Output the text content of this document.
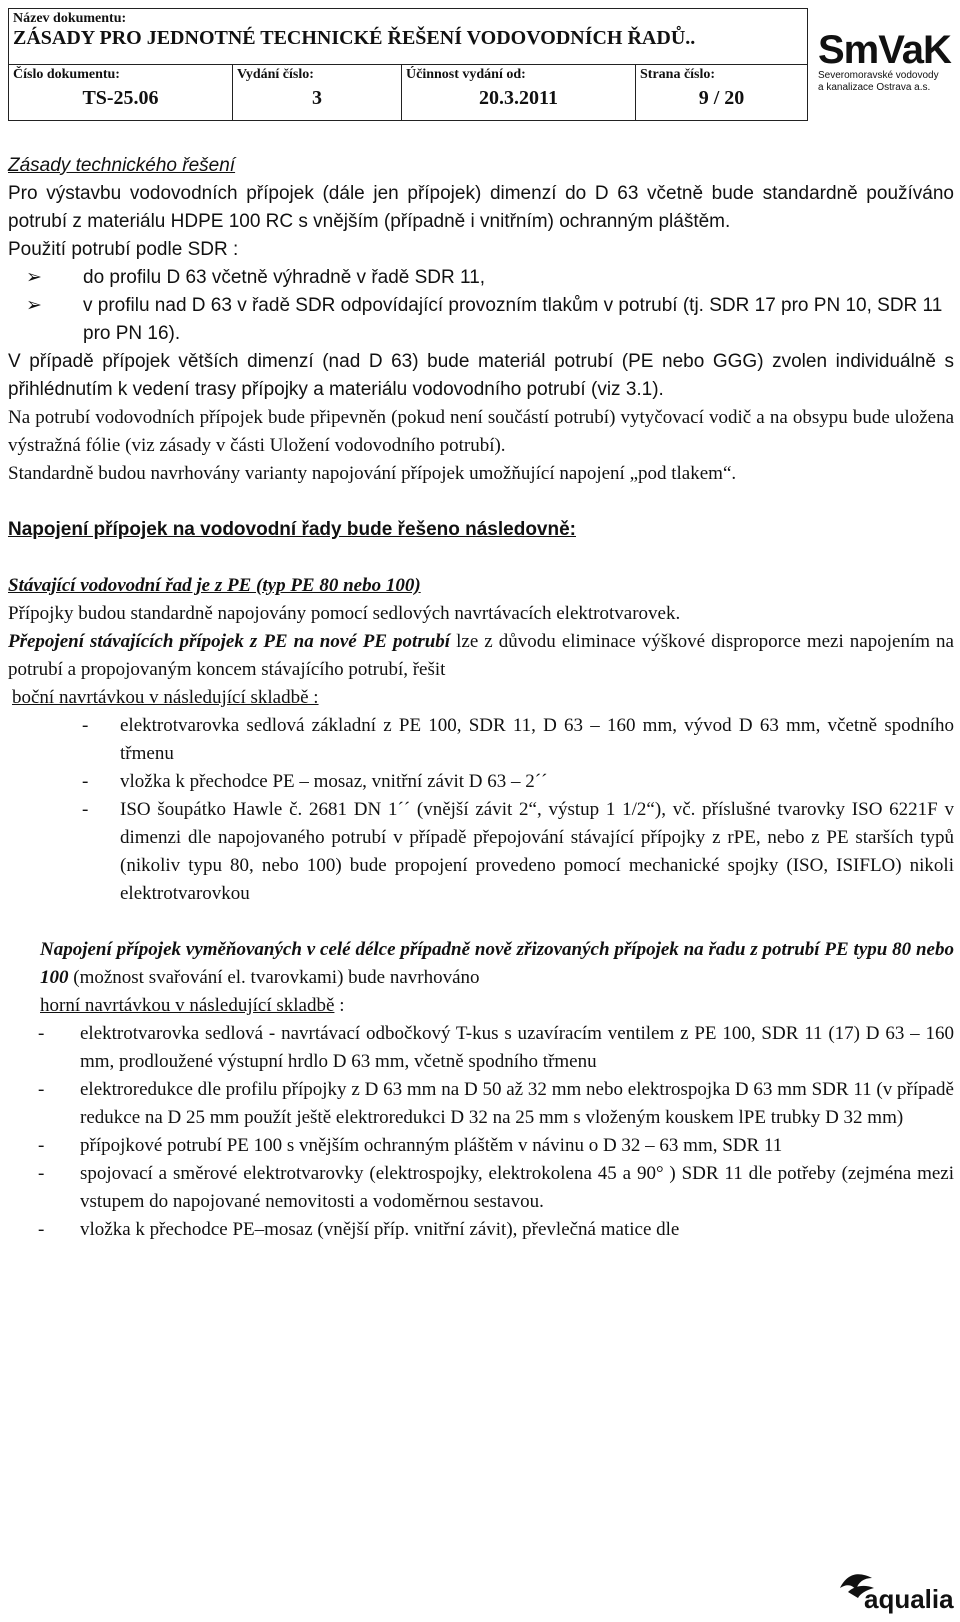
Název dokumentu:
ZÁSADY PRO JEDNOTNÉ TECHNICKÉ ŘEŠENÍ VODOVODNÍCH ŘADŮ..

Číslo dokumentu:
TS-25.06

Vydání číslo:
3

Účinnost vydání od:
20.3.2011

Strana číslo:
9 / 20
SmVaK
Severomoravské vodovody
a kanalizace Ostrava a.s.

Zásady technického řešení

Pro výstavbu vodovodních přípojek (dále jen přípojek) dimenzí do D 63 včetně bude standardně používáno potrubí z materiálu HDPE 100 RC s vnějším (případně i vnitřním) ochranným pláštěm.

Použití potrubí podle SDR :

➢ do profilu D 63 včetně výhradně v řadě SDR 11,
➢ v profilu nad D 63 v řadě SDR odpovídající provozním tlakům v potrubí (tj. SDR 17 pro PN 10, SDR 11 pro PN 16).

V případě přípojek větších dimenzí (nad D 63) bude materiál potrubí (PE nebo GGG) zvolen individuálně s přihlédnutím k vedení trasy přípojky a materiálu vodovodního potrubí (viz 3.1).

Na potrubí vodovodních přípojek bude připevněn (pokud není součástí potrubí) vytyčovací vodič a na obsypu bude uložena výstražná fólie (viz zásady v části Uložení vodovodního potrubí).

Standardně budou navrhovány varianty napojování přípojek umožňující napojení „pod tlakem“.

Napojení přípojek na vodovodní řady bude řešeno následovně:

Stávající vodovodní řad je z PE (typ PE 80 nebo 100)

Přípojky budou standardně napojovány pomocí sedlových navrtávacích elektrotvarovek.

Přepojení stávajících přípojek z PE na nové PE potrubí lze z důvodu eliminace výškové disproporce mezi napojením na potrubí a propojovaným koncem stávajícího potrubí, řešit

boční navrtávkou v následující skladbě :

- elektrotvarovka sedlová základní z PE 100, SDR 11, D 63 – 160 mm, vývod D 63 mm, včetně spodního třmenu
- vložka k přechodce PE – mosaz, vnitřní závit D 63 – 2´´
- ISO šoupátko Hawle č. 2681 DN 1´´ (vnější závit 2“, výstup 1 1/2“), vč. příslušné tvarovky ISO 6221F v dimenzi dle napojovaného potrubí v případě přepojování stávající přípojky z rPE, nebo z PE starších typů (nikoliv typu 80, nebo 100) bude propojení provedeno pomocí mechanické spojky (ISO, ISIFLO) nikoli elektrotvarovkou

Napojení přípojek vyměňovaných v celé délce případně nově zřizovaných přípojek na řadu z potrubí PE typu 80 nebo 100 (možnost svařování el. tvarovkami) bude navrhováno

horní navrtávkou v následující skladbě :

- elektrotvarovka sedlová - navrtávací odbočkový T-kus s uzavíracím ventilem z PE 100, SDR 11 (17) D 63 – 160 mm, prodloužené výstupní hrdlo D 63 mm, včetně spodního třmenu
- elektroredukce dle profilu přípojky z D 63 mm na D 50 až 32 mm nebo elektrospojka D 63 mm SDR 11 (v případě redukce na D 25 mm použít ještě elektroredukci D 32 na 25 mm s vloženým kouskem lPE trubky D 32 mm)
- přípojkové potrubí PE 100 s vnějším ochranným pláštěm v návinu o D 32 – 63 mm, SDR 11
- spojovací a směrové elektrotvarovky (elektrospojky, elektrokolena 45 a 90° ) SDR 11 dle potřeby (zejména mezi vstupem do napojované nemovitosti a vodoměrnou sestavou.
- vložka k přechodce PE–mosaz (vnější příp. vnitřní závit), převlečná matice dle
aqualia
